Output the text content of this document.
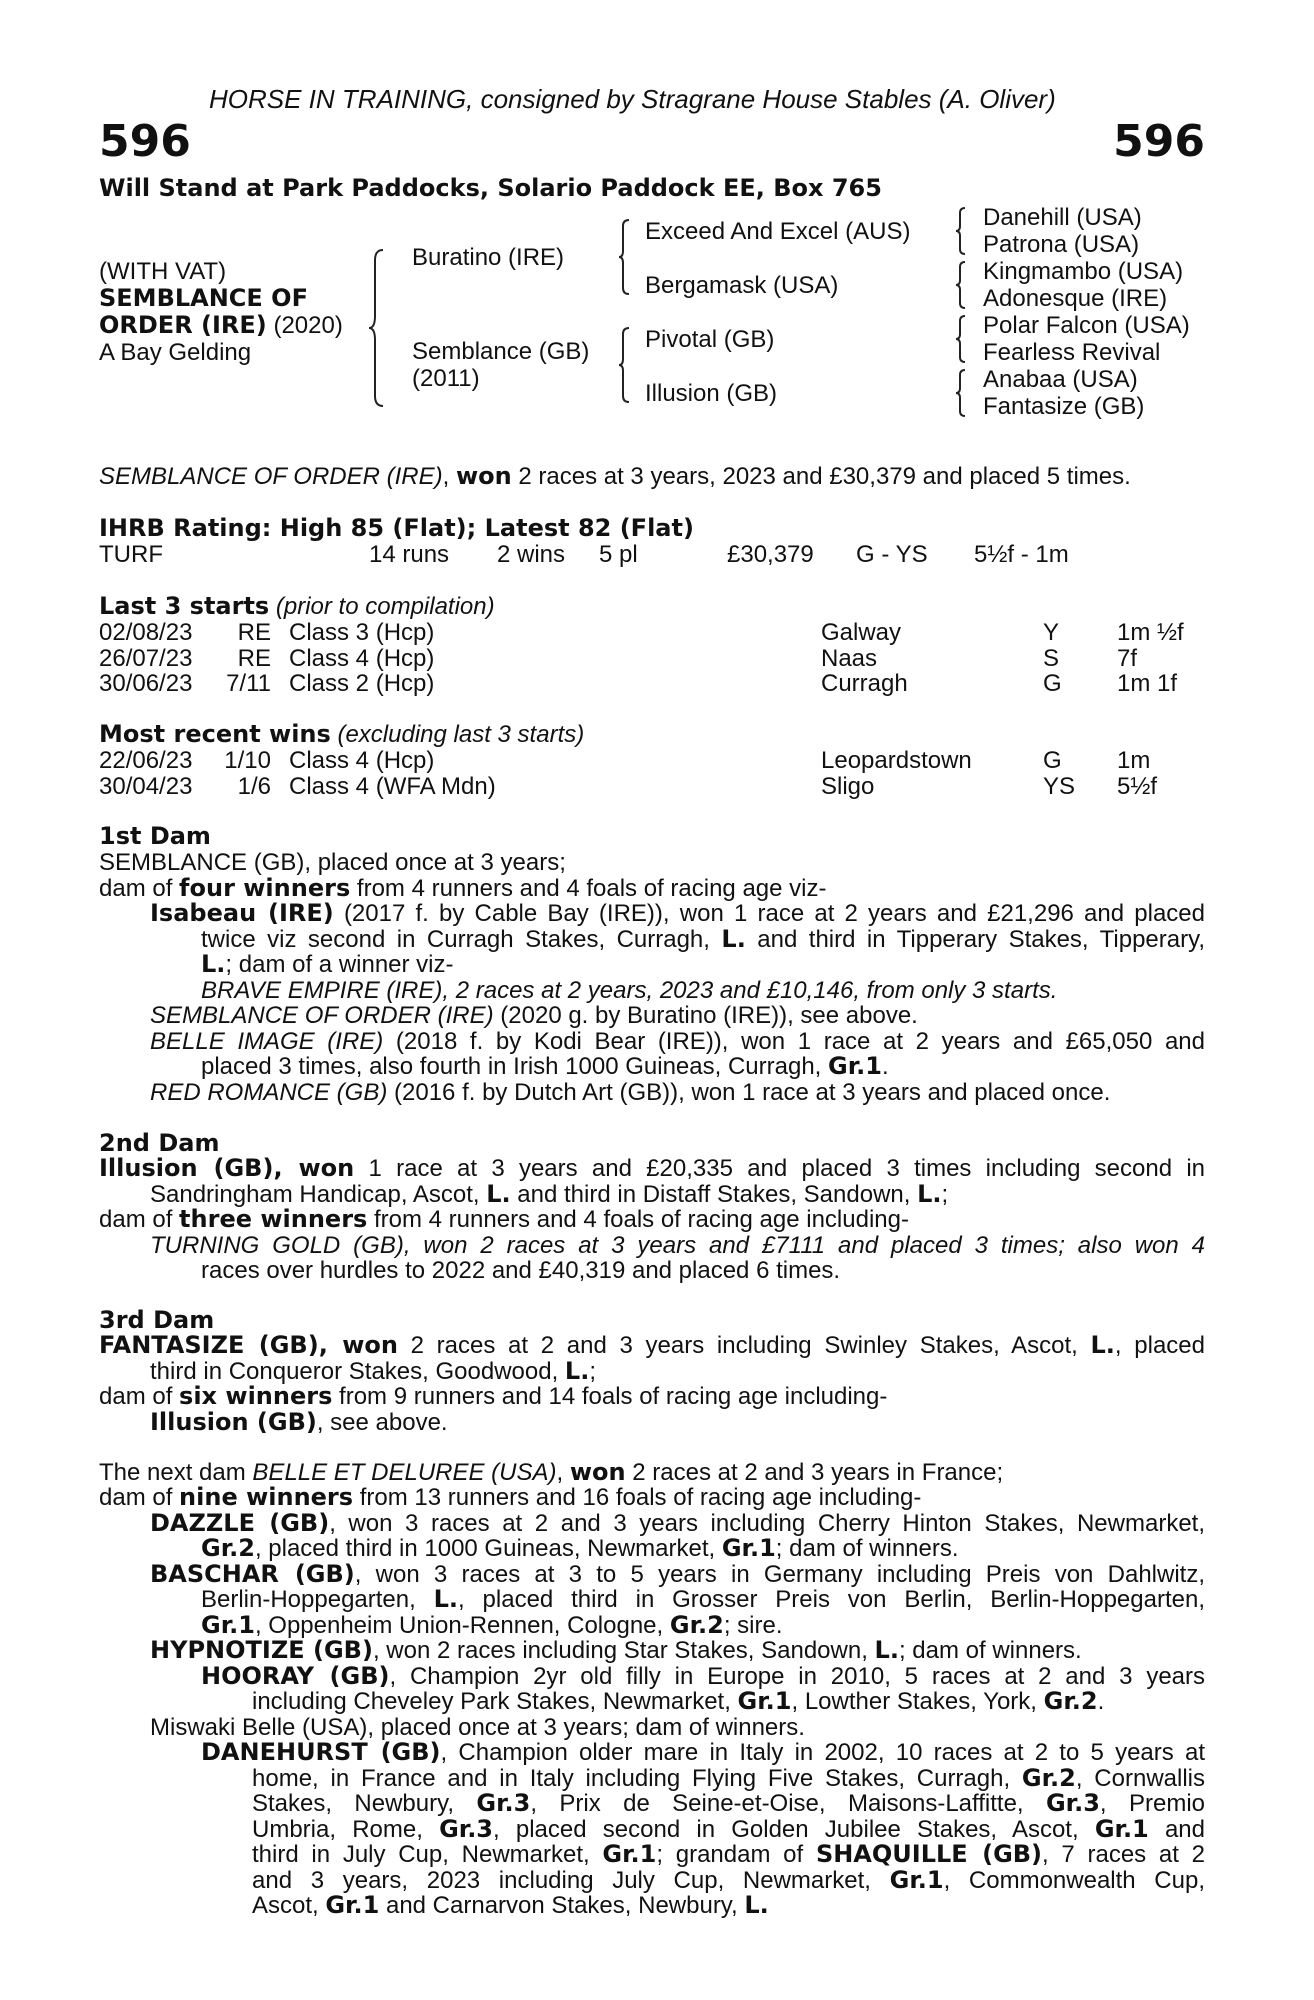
HORSE IN TRAINING, consigned by Stragrane House Stables (A. Oliver)
596	596
Will Stand at Park Paddocks, Solario Paddock EE, Box 765
(WITH VAT)
SEMBLANCE OF
ORDER (IRE) (2020)
A Bay Gelding
Buratino (IRE)
Semblance (GB)
(2011)
Exceed And Excel (AUS)
Bergamask (USA)
Pivotal (GB)
Illusion (GB)
Danehill (USA)
Patrona (USA)
Kingmambo (USA)
Adonesque (IRE)
Polar Falcon (USA)
Fearless Revival
Anabaa (USA)
Fantasize (GB)
SEMBLANCE OF ORDER (IRE), won 2 races at 3 years, 2023 and £30,379 and placed 5 times.
IHRB Rating: High 85 (Flat); Latest 82 (Flat)
TURF	14 runs 2 wins 5 pl	£30,379 G - YS 5½f - 1m
Last 3 starts (prior to compilation)
02/08/23	RE Class 3 (Hcp)	Galway	Y 1m ½f
26/07/23	RE Class 4 (Hcp)	Naas	S 7f
30/06/23	7/11 Class 2 (Hcp)	Curragh	G 1m 1f
Most recent wins (excluding last 3 starts)
22/06/23	1/10 Class 4 (Hcp)	Leopardstown	G 1m
30/04/23	1/6 Class 4 (WFA Mdn)	Sligo	YS 5½f
1st Dam
SEMBLANCE (GB), placed once at 3 years;
dam of four winners from 4 runners and 4 foals of racing age viz-
Isabeau (IRE) (2017 f. by Cable Bay (IRE)), won 1 race at 2 years and £21,296 and placed
twice viz second in Curragh Stakes, Curragh, L. and third in Tipperary Stakes, Tipperary,
L.; dam of a winner viz-
BRAVE EMPIRE (IRE), 2 races at 2 years, 2023 and £10,146, from only 3 starts.
SEMBLANCE OF ORDER (IRE) (2020 g. by Buratino (IRE)), see above.
BELLE IMAGE (IRE) (2018 f. by Kodi Bear (IRE)), won 1 race at 2 years and £65,050 and
placed 3 times, also fourth in Irish 1000 Guineas, Curragh, Gr.1.
RED ROMANCE (GB) (2016 f. by Dutch Art (GB)), won 1 race at 3 years and placed once.
2nd Dam
Illusion (GB), won 1 race at 3 years and £20,335 and placed 3 times including second in
Sandringham Handicap, Ascot, L. and third in Distaff Stakes, Sandown, L.;
dam of three winners from 4 runners and 4 foals of racing age including-
TURNING GOLD (GB), won 2 races at 3 years and £7111 and placed 3 times; also won 4
races over hurdles to 2022 and £40,319 and placed 6 times.
3rd Dam
FANTASIZE (GB), won 2 races at 2 and 3 years including Swinley Stakes, Ascot, L., placed
third in Conqueror Stakes, Goodwood, L.;
dam of six winners from 9 runners and 14 foals of racing age including-
Illusion (GB), see above.
The next dam BELLE ET DELUREE (USA), won 2 races at 2 and 3 years in France;
dam of nine winners from 13 runners and 16 foals of racing age including-
DAZZLE (GB), won 3 races at 2 and 3 years including Cherry Hinton Stakes, Newmarket,
Gr.2, placed third in 1000 Guineas, Newmarket, Gr.1; dam of winners.
BASCHAR (GB), won 3 races at 3 to 5 years in Germany including Preis von Dahlwitz,
Berlin-Hoppegarten, L., placed third in Grosser Preis von Berlin, Berlin-Hoppegarten,
Gr.1, Oppenheim Union-Rennen, Cologne, Gr.2; sire.
HYPNOTIZE (GB), won 2 races including Star Stakes, Sandown, L.; dam of winners.
HOORAY (GB), Champion 2yr old filly in Europe in 2010, 5 races at 2 and 3 years
including Cheveley Park Stakes, Newmarket, Gr.1, Lowther Stakes, York, Gr.2.
Miswaki Belle (USA), placed once at 3 years; dam of winners.
DANEHURST (GB), Champion older mare in Italy in 2002, 10 races at 2 to 5 years at
home, in France and in Italy including Flying Five Stakes, Curragh, Gr.2, Cornwallis
Stakes, Newbury, Gr.3, Prix de Seine-et-Oise, Maisons-Laffitte, Gr.3, Premio
Umbria, Rome, Gr.3, placed second in Golden Jubilee Stakes, Ascot, Gr.1 and
third in July Cup, Newmarket, Gr.1; grandam of SHAQUILLE (GB), 7 races at 2
and 3 years, 2023 including July Cup, Newmarket, Gr.1, Commonwealth Cup,
Ascot, Gr.1 and Carnarvon Stakes, Newbury, L.
